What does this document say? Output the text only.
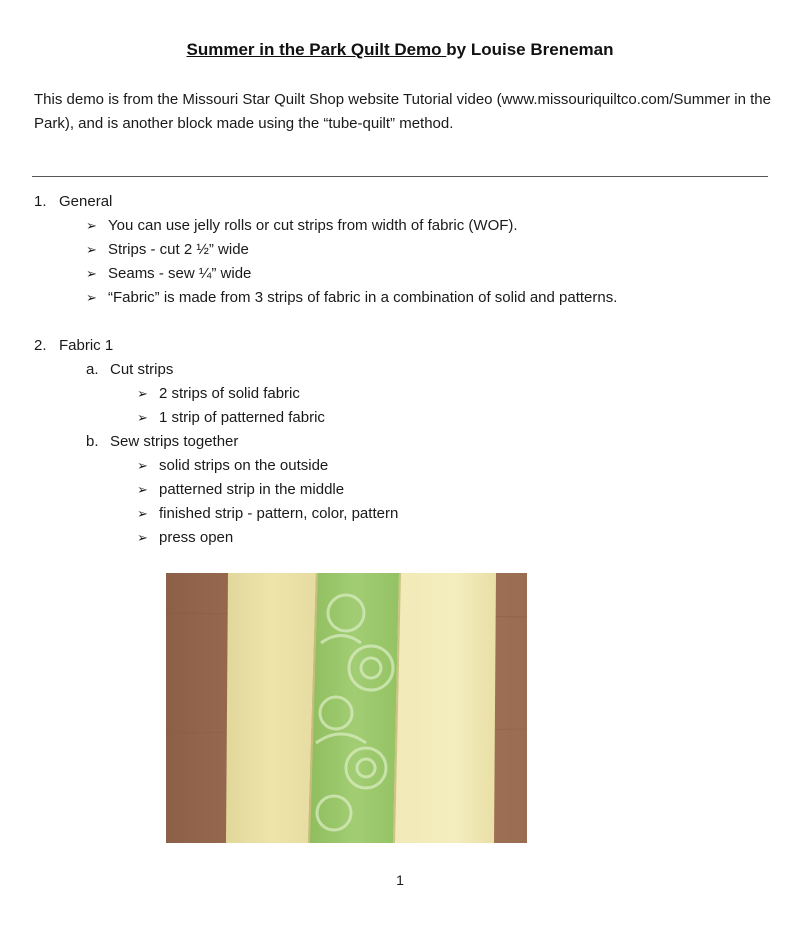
Summer in the Park Quilt Demo by Louise Breneman
This demo is from the Missouri Star Quilt Shop website Tutorial video (www.missouriquiltco.com/Summer in the Park), and is another block made using the “tube-quilt” method.
1. General
➢ You can use jelly rolls or cut strips from width of fabric (WOF).
➢ Strips - cut 2 ½” wide
➢ Seams - sew ¼” wide
➢ “Fabric” is made from 3 strips of fabric in a combination of solid and patterns.
2. Fabric 1
a. Cut strips
➢ 2 strips of solid fabric
➢ 1 strip of patterned fabric
b. Sew strips together
➢ solid strips on the outside
➢ patterned strip in the middle
➢ finished strip - pattern, color, pattern
➢ press open
1
